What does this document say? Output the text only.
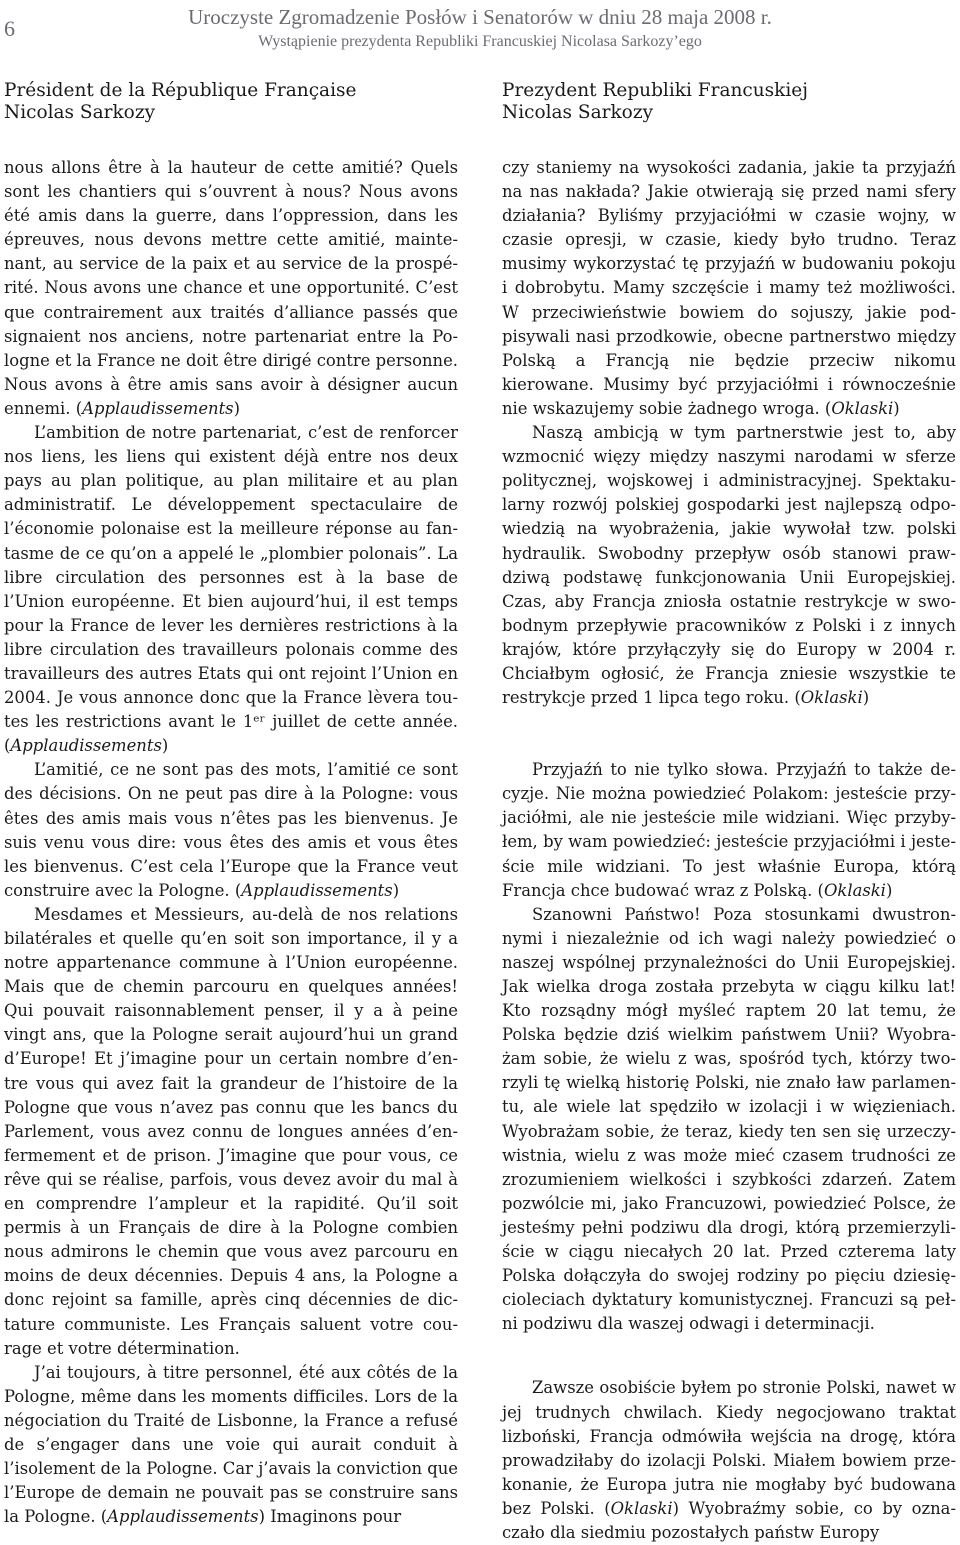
6	Uroczyste Zgromadzenie Posłów i Senatorów w dniu 28 maja 2008 r.
Wystąpienie prezydenta Republiki Francuskiej Nicolasa Sarkozy’ego
Président de la République Française
Nicolas Sarkozy

nous allons être à la hauteur de cette amitié? Quels sont les chantiers qui s’ouvrent à nous? Nous avons été amis dans la guerre, dans l’oppression, dans les épreuves, nous devons mettre cette amitié, maintenant, au service de la paix et au service de la prospérité. Nous avons une chance et une opportunité. C’est que contrairement aux traités d’alliance passés que signaient nos anciens, notre partenariat entre la Pologne et la France ne doit être dirigé contre personne. Nous avons à être amis sans avoir à désigner aucun ennemi. (Applaudissements)

L’ambition de notre partenariat, c’est de renforcer nos liens, les liens qui existent déjà entre nos deux pays au plan politique, au plan militaire et au plan administratif. Le développement spectaculaire de l’économie polonaise est la meilleure réponse au fantasme de ce qu’on a appelé le „plombier polonais”. La libre circulation des personnes est à la base de l’Union européenne. Et bien aujourd’hui, il est temps pour la France de lever les dernières restrictions à la libre circulation des travailleurs polonais comme des travailleurs des autres Etats qui ont rejoint l’Union en 2004. Je vous annonce donc que la France lèvera toutes les restrictions avant le 1ᵉʳ juillet de cette année. (Applaudissements)

L’amitié, ce ne sont pas des mots, l’amitié ce sont des décisions. On ne peut pas dire à la Pologne: vous êtes des amis mais vous n’êtes pas les bienvenus. Je suis venu vous dire: vous êtes des amis et vous êtes les bienvenus. C’est cela l’Europe que la France veut construire avec la Pologne. (Applaudissements)

Mesdames et Messieurs, au-delà de nos relations bilatérales et quelle qu’en soit son importance, il y a notre appartenance commune à l’Union européenne. Mais que de chemin parcouru en quelques années! Qui pouvait raisonnablement penser, il y a à peine vingt ans, que la Pologne serait aujourd’hui un grand d’Europe! Et j’imagine pour un certain nombre d’entre vous qui avez fait la grandeur de l’histoire de la Pologne que vous n’avez pas connu que les bancs du Parlement, vous avez connu de longues années d’enfermement et de prison. J’imagine que pour vous, ce rêve qui se réalise, parfois, vous devez avoir du mal à en comprendre l’ampleur et la rapidité. Qu’il soit permis à un Français de dire à la Pologne combien nous admirons le chemin que vous avez parcouru en moins de deux décennies. Depuis 4 ans, la Pologne a donc rejoint sa famille, après cinq décennies de dictature communiste. Les Français saluent votre courage et votre détermination.

J’ai toujours, à titre personnel, été aux côtés de la Pologne, même dans les moments difficiles. Lors de la négociation du Traité de Lisbonne, la France a refusé de s’engager dans une voie qui aurait conduit à l’isolement de la Pologne. Car j’avais la conviction que l’Europe de demain ne pouvait pas se construire sans la Pologne. (Applaudissements) Imaginons pour

Prezydent Republiki Francuskiej
Nicolas Sarkozy

czy staniemy na wysokości zadania, jakie ta przyjaźń na nas nakłada? Jakie otwierają się przed nami sfery działania? Byliśmy przyjaciółmi w czasie wojny, w czasie opresji, w czasie, kiedy było trudno. Teraz musimy wykorzystać tę przyjaźń w budowaniu pokoju i dobrobytu. Mamy szczęście i mamy też możliwości. W przeciwieństwie bowiem do sojuszy, jakie podpisywali nasi przodkowie, obecne partnerstwo między Polską a Francją nie będzie przeciw nikomu kierowane. Musimy być przyjaciółmi i równocześnie nie wskazujemy sobie żadnego wroga. (Oklaski)

Naszą ambicją w tym partnerstwie jest to, aby wzmocnić więzy między naszymi narodami w sferze politycznej, wojskowej i administracyjnej. Spektakularny rozwój polskiej gospodarki jest najlepszą odpowiedzią na wyobrażenia, jakie wywołał tzw. polski hydraulik. Swobodny przepływ osób stanowi prawdziwą podstawę funkcjonowania Unii Europejskiej. Czas, aby Francja zniosła ostatnie restrykcje w swobodnym przepływie pracowników z Polski i z innych krajów, które przyłączyły się do Europy w 2004 r. Chciałbym ogłosić, że Francja zniesie wszystkie te restrykcje przed 1 lipca tego roku. (Oklaski)

Przyjaźń to nie tylko słowa. Przyjaźń to także decyzje. Nie można powiedzieć Polakom: jesteście przyjaciółmi, ale nie jesteście mile widziani. Więc przybyłem, by wam powiedzieć: jesteście przyjaciółmi i jesteście mile widziani. To jest właśnie Europa, którą Francja chce budować wraz z Polską. (Oklaski)

Szanowni Państwo! Poza stosunkami dwustronnymi i niezależnie od ich wagi należy powiedzieć o naszej wspólnej przynależności do Unii Europejskiej. Jak wielka droga została przebyta w ciągu kilku lat! Kto rozsądny mógł myśleć raptem 20 lat temu, że Polska będzie dziś wielkim państwem Unii? Wyobrażam sobie, że wielu z was, spośród tych, którzy tworzyli tę wielką historię Polski, nie znało ław parlamentu, ale wiele lat spędziło w izolacji i w więzieniach. Wyobrażam sobie, że teraz, kiedy ten sen się urzeczywistnia, wielu z was może mieć czasem trudności ze zrozumieniem wielkości i szybkości zdarzeń. Zatem pozwólcie mi, jako Francuzowi, powiedzieć Polsce, że jesteśmy pełni podziwu dla drogi, którą przemierzyliście w ciągu niecałych 20 lat. Przed czterema laty Polska dołączyła do swojej rodziny po pięciu dziesięcioleciach dyktatury komunistycznej. Francuzi są pełni podziwu dla waszej odwagi i determinacji.

Zawsze osobiście byłem po stronie Polski, nawet w jej trudnych chwilach. Kiedy negocjowano traktat lizboński, Francja odmówiła wejścia na drogę, która prowadziłaby do izolacji Polski. Miałem bowiem przekonanie, że Europa jutra nie mogłaby być budowana bez Polski. (Oklaski) Wyobraźmy sobie, co by oznaczało dla siedmiu pozostałych państw Europy
